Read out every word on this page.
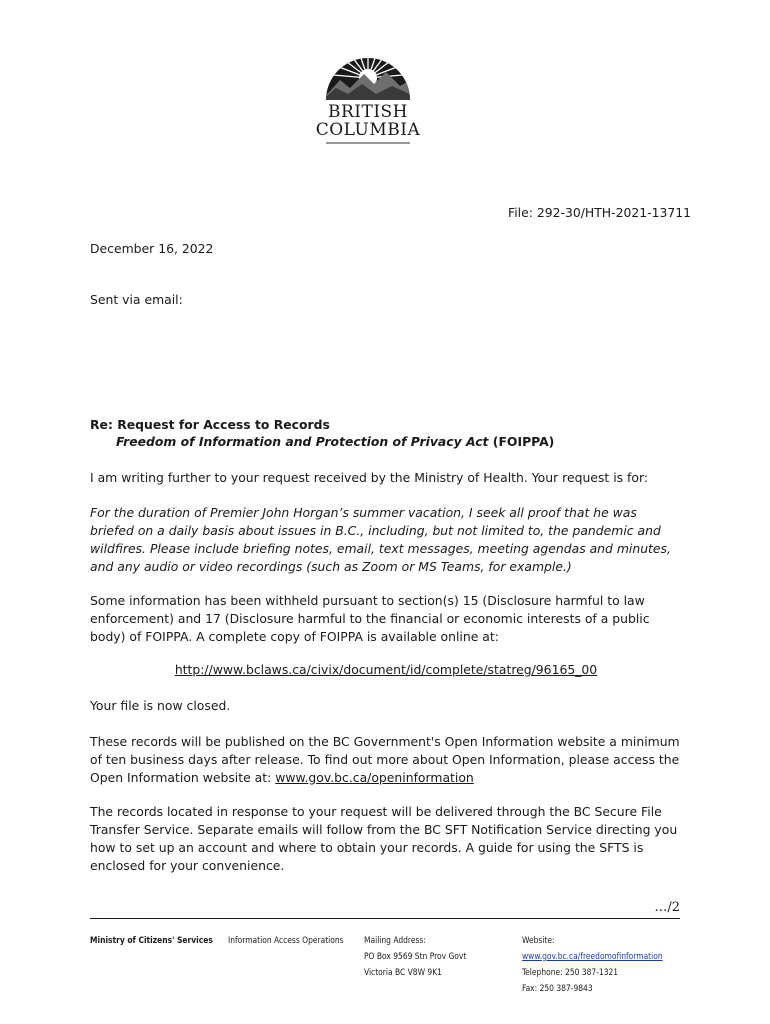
BRITISH
COLUMBIA
File: 292-30/HTH-2021-13711
December 16, 2022
Sent via email:
Re: Request for Access to Records
Freedom of Information and Protection of Privacy Act (FOIPPA)
I am writing further to your request received by the Ministry of Health. Your request is for:
For the duration of Premier John Horgan’s summer vacation, I seek all proof that he was briefed on a daily basis about issues in B.C., including, but not limited to, the pandemic and wildfires. Please include briefing notes, email, text messages, meeting agendas and minutes, and any audio or video recordings (such as Zoom or MS Teams, for example.)
Some information has been withheld pursuant to section(s) 15 (Disclosure harmful to law enforcement) and 17 (Disclosure harmful to the financial or economic interests of a public body) of FOIPPA. A complete copy of FOIPPA is available online at:
http://www.bclaws.ca/civix/document/id/complete/statreg/96165_00
Your file is now closed.
These records will be published on the BC Government's Open Information website a minimum of ten business days after release. To find out more about Open Information, please access the Open Information website at: www.gov.bc.ca/openinformation
The records located in response to your request will be delivered through the BC Secure File Transfer Service. Separate emails will follow from the BC SFT Notification Service directing you how to set up an account and where to obtain your records. A guide for using the SFTS is enclosed for your convenience.
…/2
Ministry of Citizens' Services Information Access Operations Mailing Address:
PO Box 9569 Stn Prov Govt
Victoria BC V8W 9K1
Website:
www.gov.bc.ca/freedomofinformation
Telephone: 250 387-1321
Fax: 250 387-9843
